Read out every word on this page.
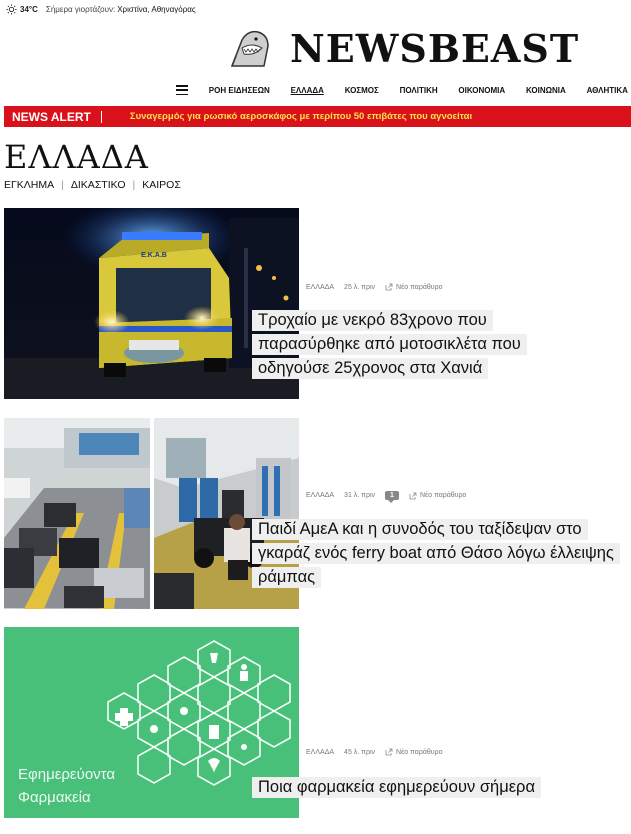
34°C Σήμερα γιορτάζουν: Χριστίνα, Αθηναγόρας
NEWSBEAST
ΡΟΗ ΕΙΔΗΣΕΩΝ	ΕΛΛΑΔΑ	ΚΟΣΜΟΣ	ΠΟΛΙΤΙΚΗ	ΟΙΚΟΝΟΜΙΑ	ΚΟΙΝΩΝΙΑ	ΑΘΛΗΤΙΚΑ
NEWS ALERT	Συναγερμός για ρωσικό αεροσκάφος με περίπου 50 επιβάτες που αγνοείται
ΕΛΛΑΔΑ
ΕΓΚΛΗΜΑ | ΔΙΚΑΣΤΙΚΟ | ΚΑΙΡΟΣ
Ε.Κ.Α.Β
ΕΛΛΑΔΑ 25 λ. πριν	Νέο παράθυρο
Τροχαίο με νεκρό 83χρονο που παρασύρθηκε από μοτοσικλέτα που οδηγούσε 25χρονος στα Χανιά
ΕΛΛΑΔΑ 31 λ. πριν	1	Νέο παράθυρο
Παιδί ΑμεΑ και η συνοδός του ταξίδεψαν στο γκαράζ ενός ferry boat από Θάσο λόγω έλλειψης ράμπας
Εφημερεύοντα
Φαρμακεία
ΕΛΛΑΔΑ 45 λ. πριν	Νέο παράθυρο
Ποια φαρμακεία εφημερεύουν σήμερα
